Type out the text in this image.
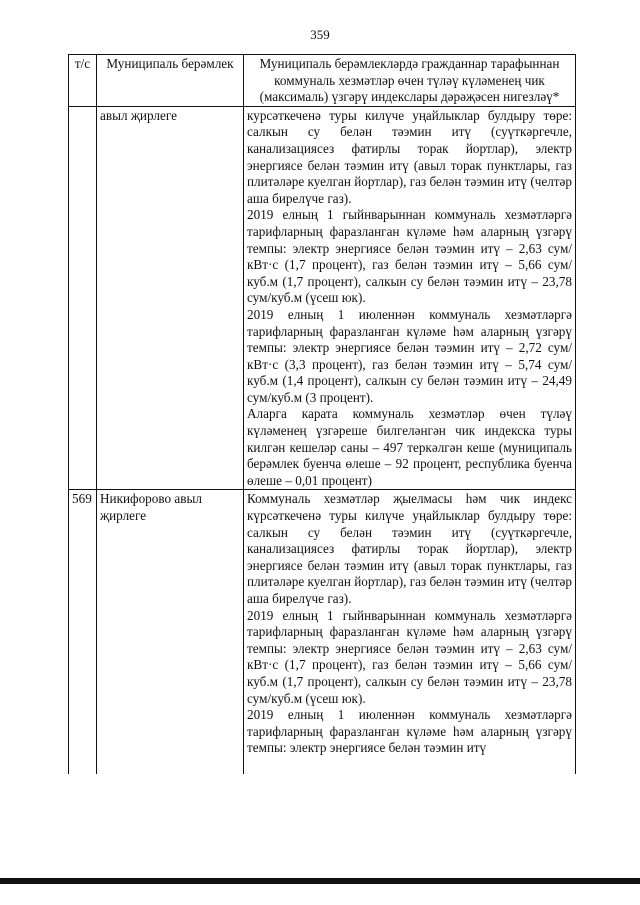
359
т/с	Муниципаль берәмлек	Муниципаль берәмлекләрдә гражданнар тарафыннан коммуналь хезмәтләр өчен түләү күләменең чик (максималь) үзгәрү индекслары дәрәҗәсен нигезләү*
	авыл җирлеге	курсәткеченә туры килүче уңайлыклар булдыру төре: салкын су белән тәэмин итү (суүткәргечле, канализациясез фатирлы торак йортлар), электр энергиясе белән тәэмин итү (авыл торак пунктлары, газ плитәләре куелган йортлар), газ белән тәэмин итү (челтәр аша бирелүче газ).

2019 елның 1 гыйнварыннан коммуналь хезмәтләргә тарифларның фаразланган күләме һәм аларның үзгәрү темпы: электр энергиясе белән тәэмин итү – 2,63 сум/кВт·с (1,7 процент), газ белән тәэмин итү – 5,66 сум/куб.м (1,7 процент), салкын су белән тәэмин итү – 23,78 сум/куб.м (үсеш юк).

2019 елның 1 июленнән коммуналь хезмәтләргә тарифларның фаразланган күләме һәм аларның үзгәрү темпы: электр энергиясе белән тәэмин итү – 2,72 сум/кВт·с (3,3 процент), газ белән тәэмин итү – 5,74 сум/куб.м (1,4 процент), салкын су белән тәэмин итү – 24,49 сум/куб.м (3 процент).

Аларга карата коммуналь хезмәтләр өчен түләү күләменең үзгәреше билгеләнгән чик индекска туры килгән кешеләр саны – 497 теркәлгән кеше (муниципаль берәмлек буенча өлеше – 92 процент, республика буенча өлеше – 0,01 процент)

569	Никифорово авыл җирлеге	Коммуналь хезмәтләр җыелмасы һәм чик индекс күрсәткеченә туры килүче уңайлыклар булдыру төре: салкын су белән тәэмин итү (суүткәргечле, канализациясез фатирлы торак йортлар), электр энергиясе белән тәэмин итү (авыл торак пунктлары, газ плитәләре куелган йортлар), газ белән тәэмин итү (челтәр аша бирелүче газ).

2019 елның 1 гыйнварыннан коммуналь хезмәтләргә тарифларның фаразланган күләме һәм аларның үзгәрү темпы: электр энергиясе белән тәэмин итү – 2,63 сум/кВт·с (1,7 процент), газ белән тәэмин итү – 5,66 сум/куб.м (1,7 процент), салкын су белән тәэмин итү – 23,78 сум/куб.м (үсеш юк).

2019 елның 1 июленнән коммуналь хезмәтләргә тарифларның фаразланган күләме һәм аларның үзгәрү темпы: электр энергиясе белән тәэмин итү
